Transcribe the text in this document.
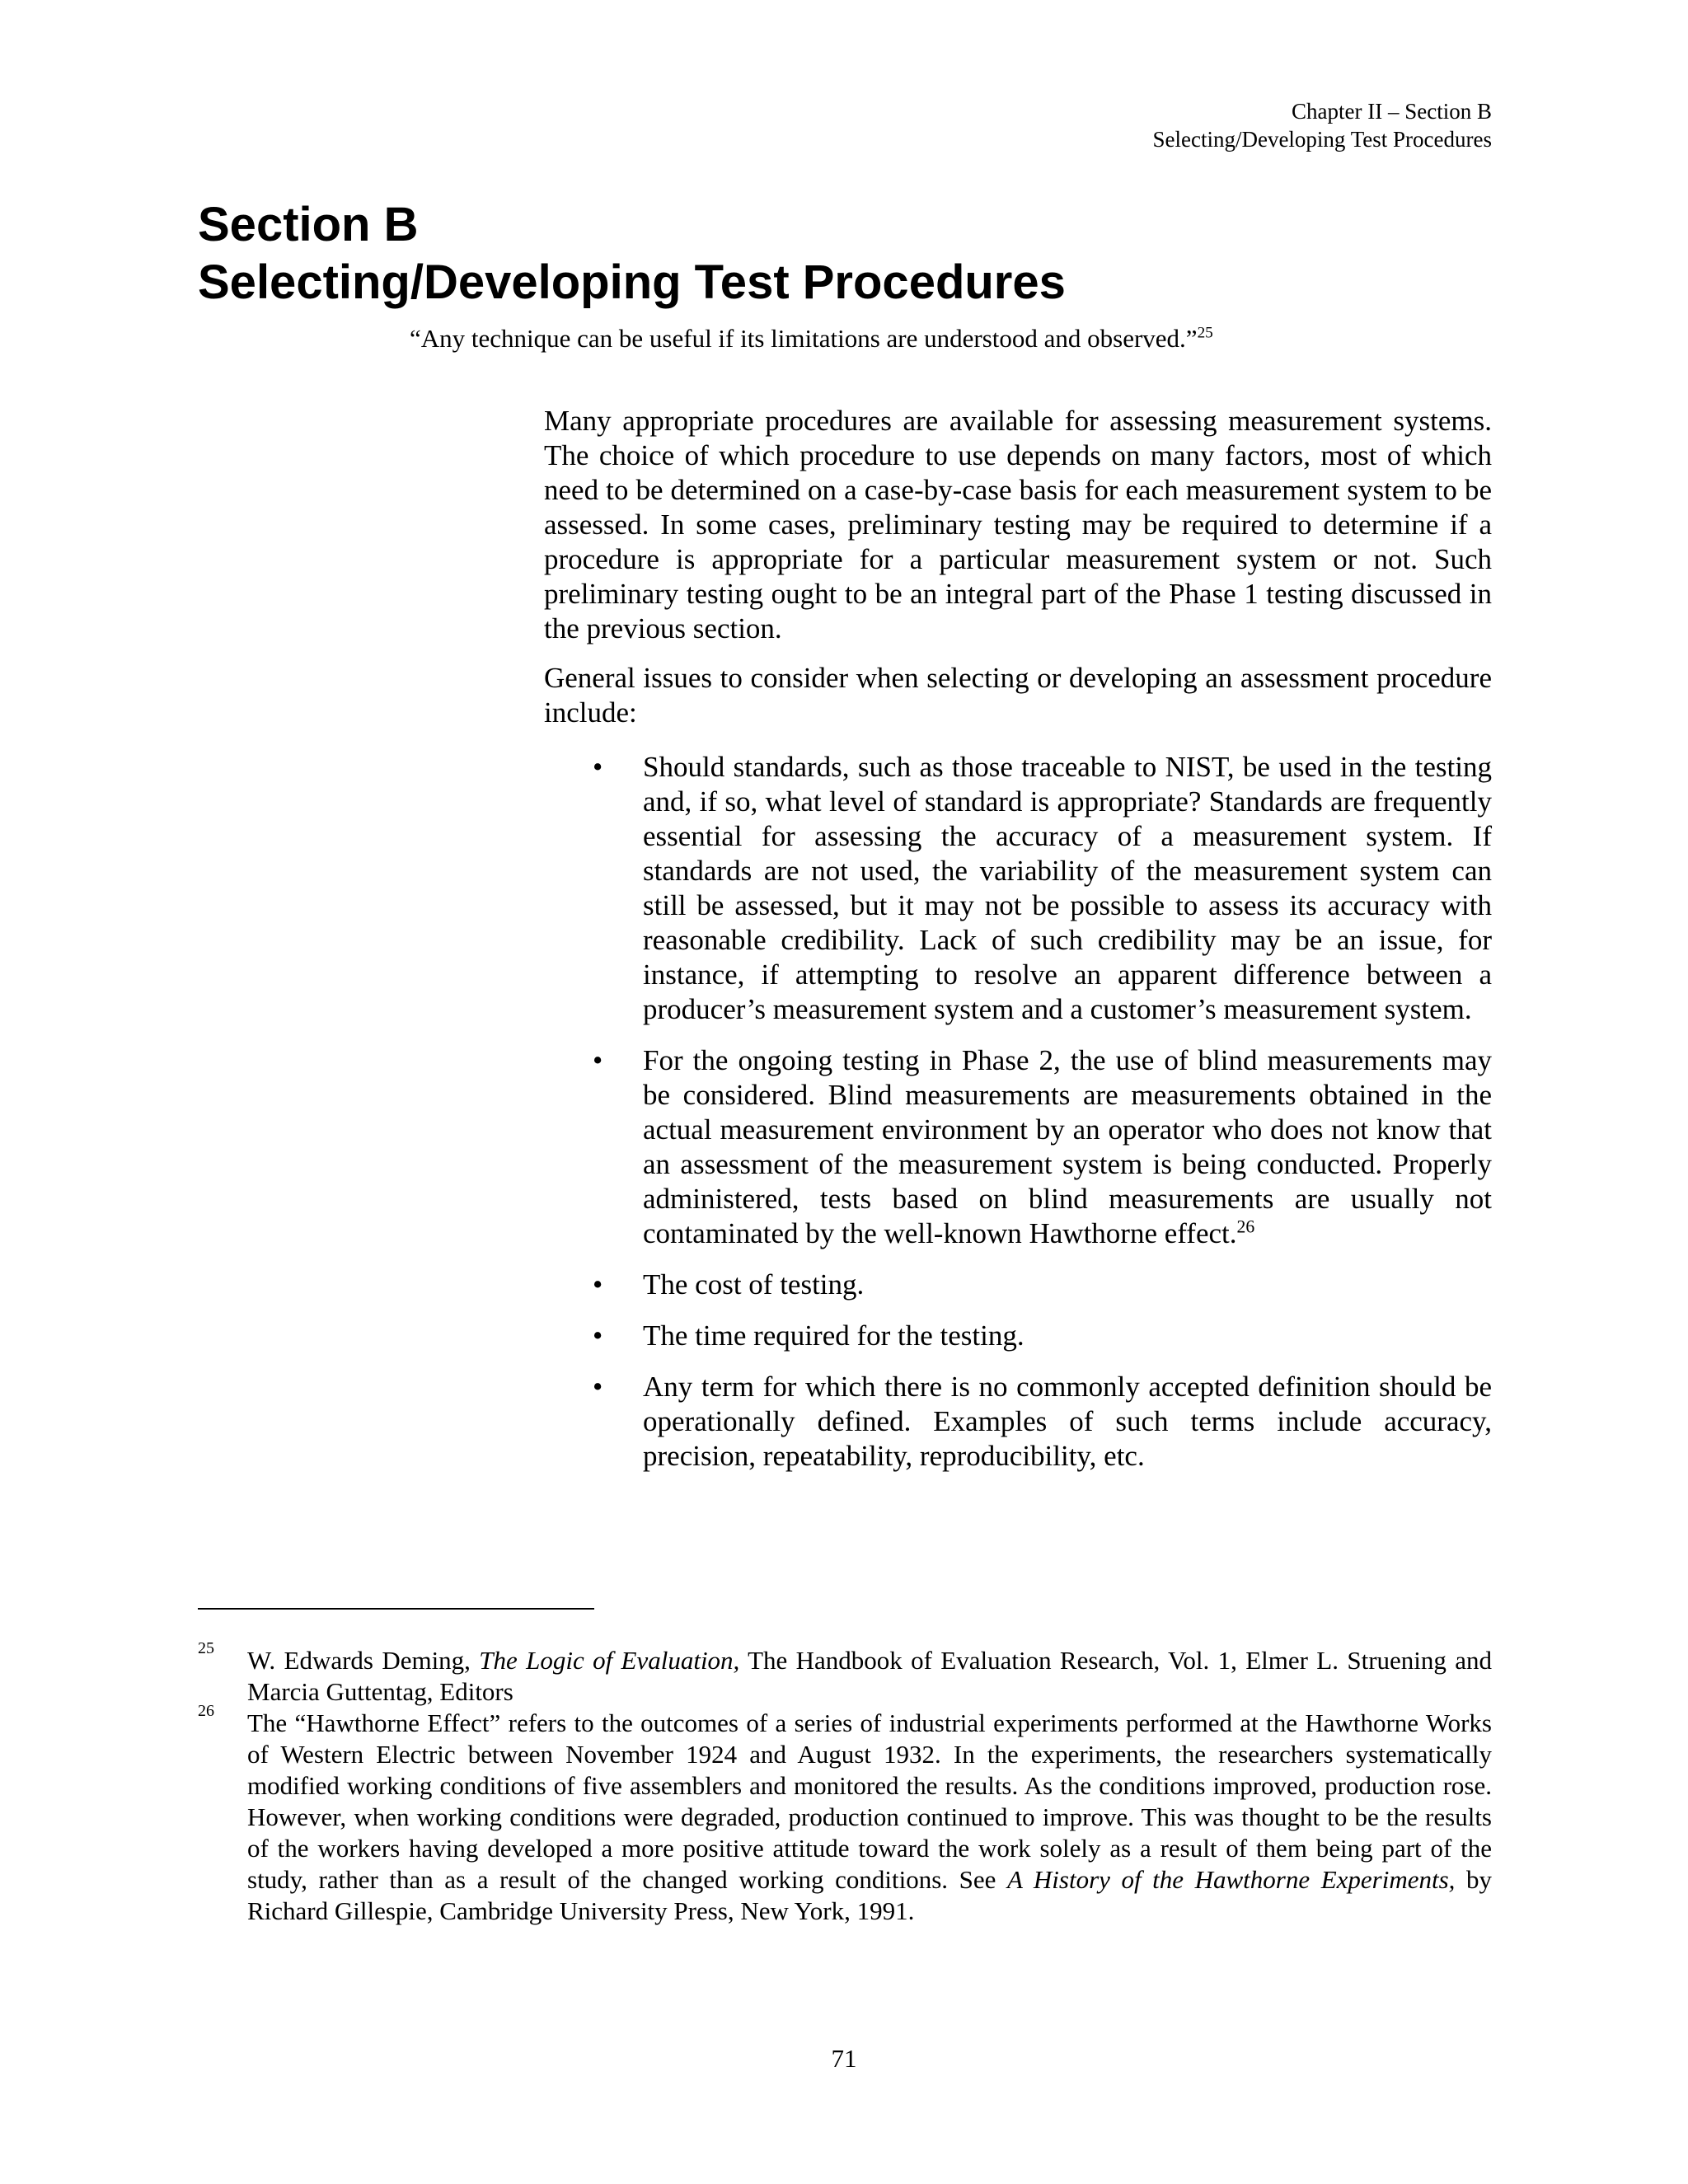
Chapter II – Section B
Selecting/Developing Test Procedures
Section B
Selecting/Developing Test Procedures
“Any technique can be useful if its limitations are understood and observed.”$^{25}$

Many appropriate procedures are available for assessing measurement systems. The choice of which procedure to use depends on many factors, most of which need to be determined on a case-by-case basis for each measurement system to be assessed. In some cases, preliminary testing may be required to determine if a procedure is appropriate for a particular measurement system or not. Such preliminary testing ought to be an integral part of the Phase 1 testing discussed in the previous section.

General issues to consider when selecting or developing an assessment procedure include:

• Should standards, such as those traceable to NIST, be used in the testing and, if so, what level of standard is appropriate? Standards are frequently essential for assessing the accuracy of a measurement system. If standards are not used, the variability of the measurement system can still be assessed, but it may not be possible to assess its accuracy with reasonable credibility. Lack of such credibility may be an issue, for instance, if attempting to resolve an apparent difference between a producer’s measurement system and a customer’s measurement system.
• For the ongoing testing in Phase 2, the use of blind measurements may be considered. Blind measurements are measurements obtained in the actual measurement environment by an operator who does not know that an assessment of the measurement system is being conducted. Properly administered, tests based on blind measurements are usually not contaminated by the well-known Hawthorne effect.$^{26}$
• The cost of testing.
• The time required for the testing.
• Any term for which there is no commonly accepted definition should be operationally defined. Examples of such terms include accuracy, precision, repeatability, reproducibility, etc.
25 W. Edwards Deming, The Logic of Evaluation, The Handbook of Evaluation Research, Vol. 1, Elmer L. Struening and Marcia Guttentag, Editors
26 The “Hawthorne Effect” refers to the outcomes of a series of industrial experiments performed at the Hawthorne Works of Western Electric between November 1924 and August 1932. In the experiments, the researchers systematically modified working conditions of five assemblers and monitored the results. As the conditions improved, production rose. However, when working conditions were degraded, production continued to improve. This was thought to be the results of the workers having developed a more positive attitude toward the work solely as a result of them being part of the study, rather than as a result of the changed working conditions. See A History of the Hawthorne Experiments, by Richard Gillespie, Cambridge University Press, New York, 1991.
71
